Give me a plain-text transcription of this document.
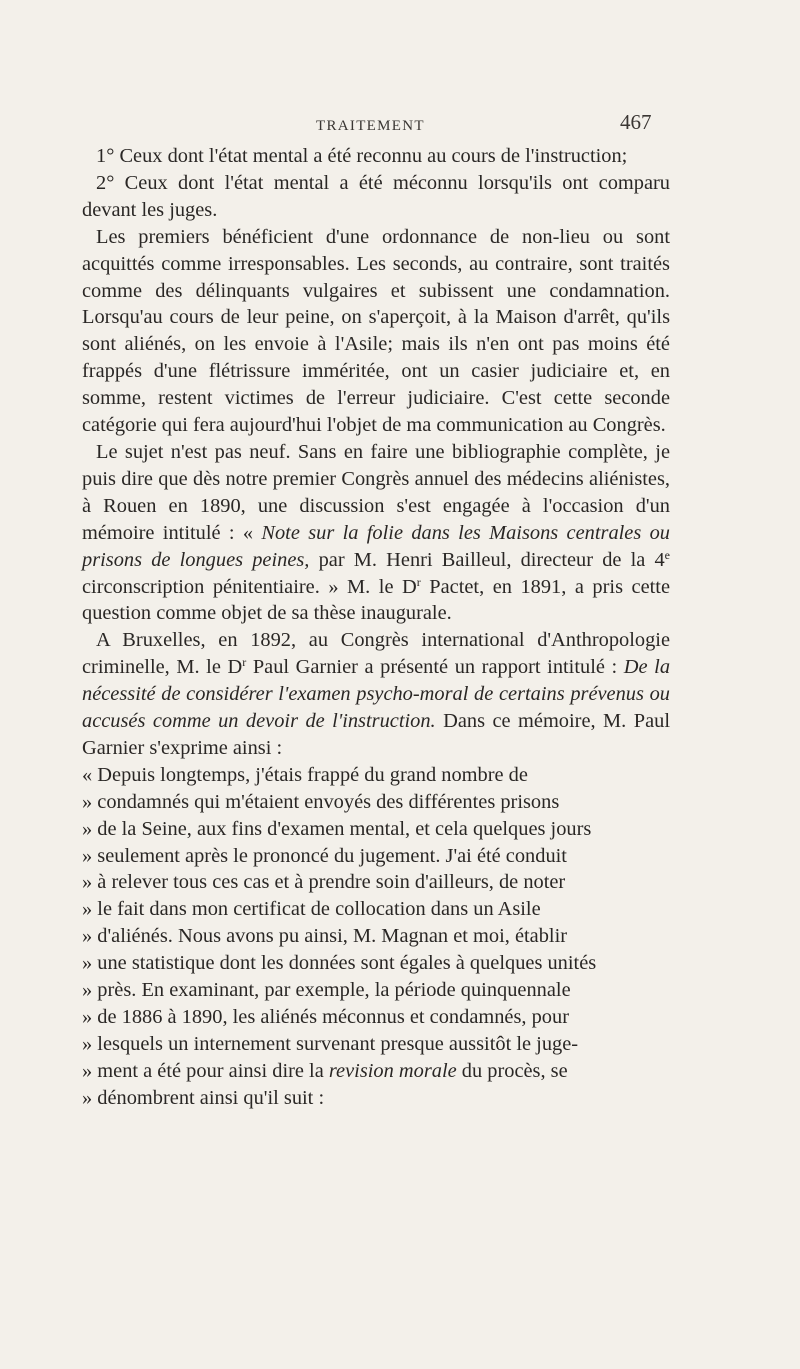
TRAITEMENT	467

1° Ceux dont l'état mental a été reconnu au cours de l'instruction;

2° Ceux dont l'état mental a été méconnu lorsqu'ils ont comparu devant les juges.

Les premiers bénéficient d'une ordonnance de non-lieu ou sont acquittés comme irresponsables. Les seconds, au contraire, sont traités comme des délinquants vulgaires et subissent une condamnation. Lorsqu'au cours de leur peine, on s'aperçoit, à la Maison d'arrêt, qu'ils sont aliénés, on les envoie à l'Asile; mais ils n'en ont pas moins été frappés d'une flétrissure imméritée, ont un casier judiciaire et, en somme, restent victimes de l'erreur judiciaire. C'est cette seconde catégorie qui fera aujourd'hui l'objet de ma communication au Congrès.

Le sujet n'est pas neuf. Sans en faire une bibliographie complète, je puis dire que dès notre premier Congrès annuel des médecins aliénistes, à Rouen en 1890, une discussion s'est engagée à l'occasion d'un mémoire intitulé : « Note sur la folie dans les Maisons centrales ou prisons de longues peines, par M. Henri Bailleul, directeur de la 4e circonscription pénitentiaire. » M. le $D^r$ Pactet, en 1891, a pris cette question comme objet de sa thèse inaugurale.

A Bruxelles, en 1892, au Congrès international d'Anthropologie criminelle, M. le $D^r$ Paul Garnier a présenté un rapport intitulé : De la nécessité de considérer l'examen psycho-moral de certains prévenus ou accusés comme un devoir de l'instruction. Dans ce mémoire, M. Paul Garnier s'exprime ainsi :

« Depuis longtemps, j'étais frappé du grand nombre de
» condamnés qui m'étaient envoyés des différentes prisons
» de la Seine, aux fins d'examen mental, et cela quelques jours
» seulement après le prononcé du jugement. J'ai été conduit
» à relever tous ces cas et à prendre soin d'ailleurs, de noter
» le fait dans mon certificat de collocation dans un Asile
» d'aliénés. Nous avons pu ainsi, M. Magnan et moi, établir
» une statistique dont les données sont égales à quelques unités
» près. En examinant, par exemple, la période quinquennale
» de 1886 à 1890, les aliénés méconnus et condamnés, pour
» lesquels un internement survenant presque aussitôt le juge-
» ment a été pour ainsi dire la revision morale du procès, se
» dénombrent ainsi qu'il suit :
